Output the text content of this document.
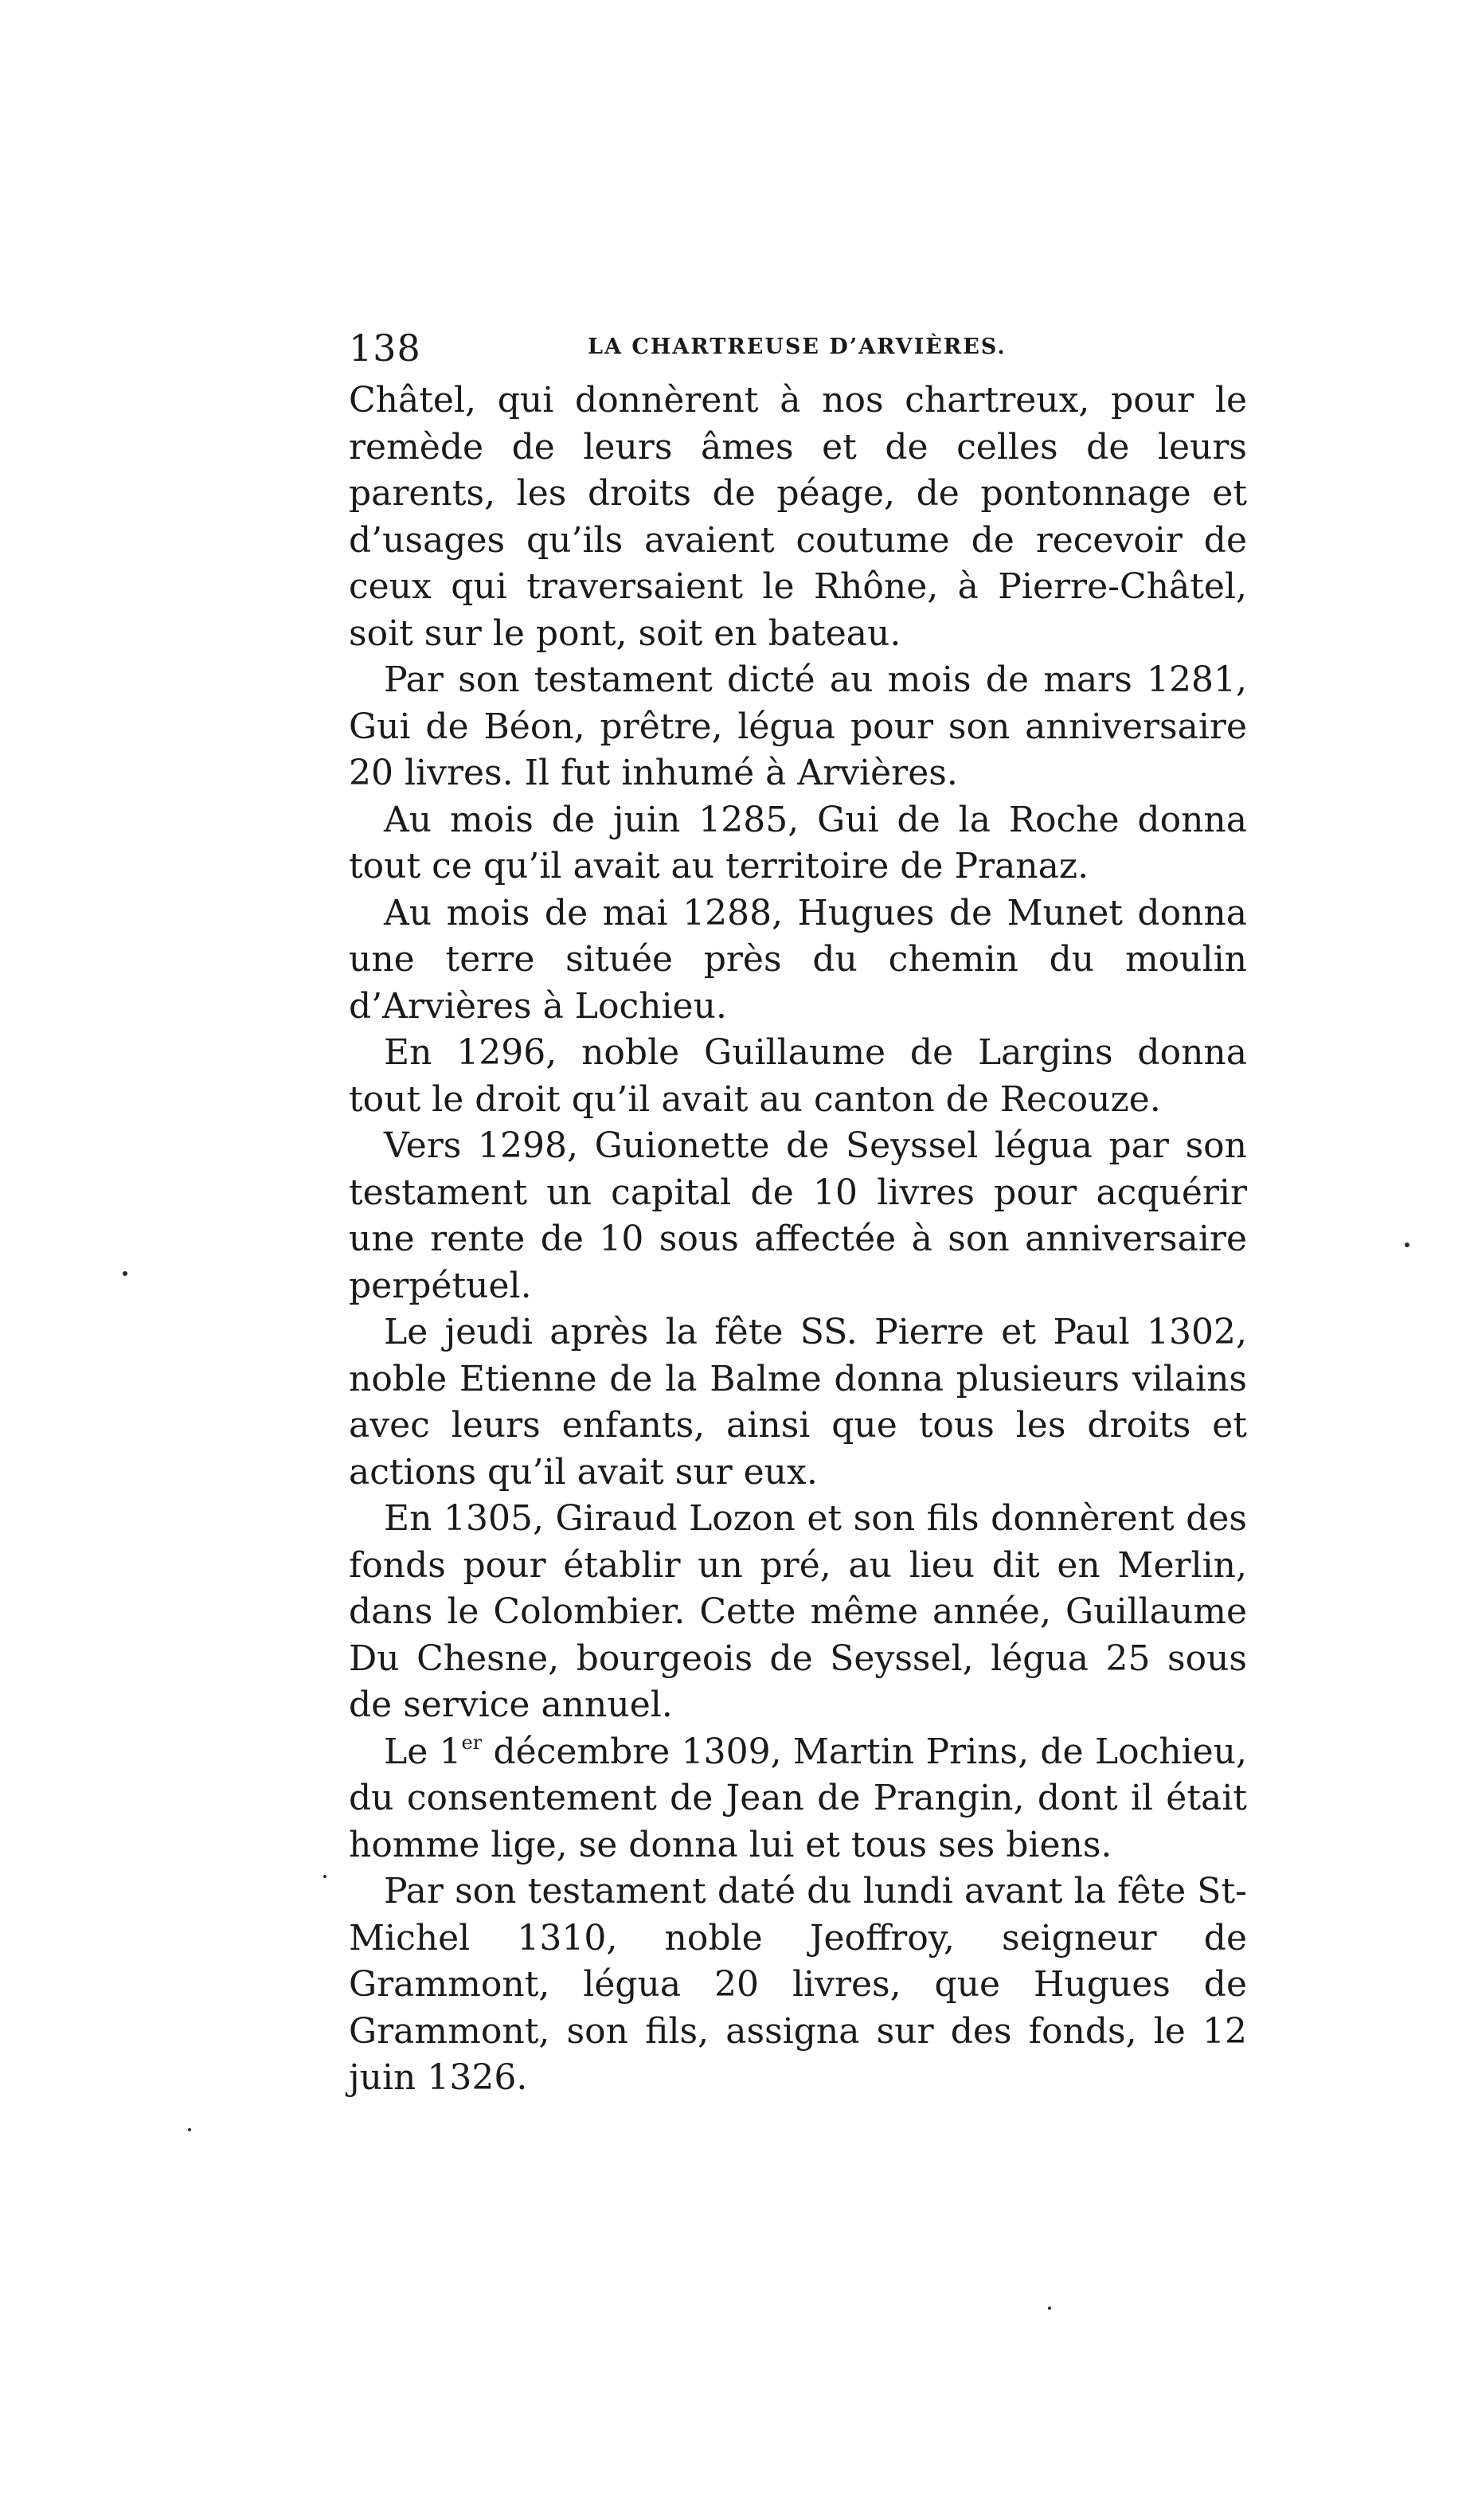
138	LA CHARTREUSE D’ARVIÈRES.

Châtel, qui donnèrent à nos chartreux, pour le remède de leurs âmes et de celles de leurs parents, les droits de péage, de pontonnage et d’usages qu’ils avaient coutume de recevoir de ceux qui traversaient le Rhône, à Pierre-Châtel, soit sur le pont, soit en bateau.

Par son testament dicté au mois de mars 1281, Gui de Béon, prêtre, légua pour son anniversaire 20 livres. Il fut inhumé à Arvières.

Au mois de juin 1285, Gui de la Roche donna tout ce qu’il avait au territoire de Pranaz.

Au mois de mai 1288, Hugues de Munet donna une terre située près du chemin du moulin d’Arvières à Lochieu.

En 1296, noble Guillaume de Largins donna tout le droit qu’il avait au canton de Recouze.

Vers 1298, Guionette de Seyssel légua par son testament un capital de 10 livres pour acquérir une rente de 10 sous affectée à son anniversaire perpétuel.

Le jeudi après la fête SS. Pierre et Paul 1302, noble Etienne de la Balme donna plusieurs vilains avec leurs enfants, ainsi que tous les droits et actions qu’il avait sur eux.

En 1305, Giraud Lozon et son fils donnèrent des fonds pour établir un pré, au lieu dit en Merlin, dans le Colombier. Cette même année, Guillaume Du Chesne, bourgeois de Seyssel, légua 25 sous de service annuel.

Le 1er décembre 1309, Martin Prins, de Lochieu, du consentement de Jean de Prangin, dont il était homme lige, se donna lui et tous ses biens.

Par son testament daté du lundi avant la fête St-Michel 1310, noble Jeoffroy, seigneur de Grammont, légua 20 livres, que Hugues de Grammont, son fils, assigna sur des fonds, le 12 juin 1326.
